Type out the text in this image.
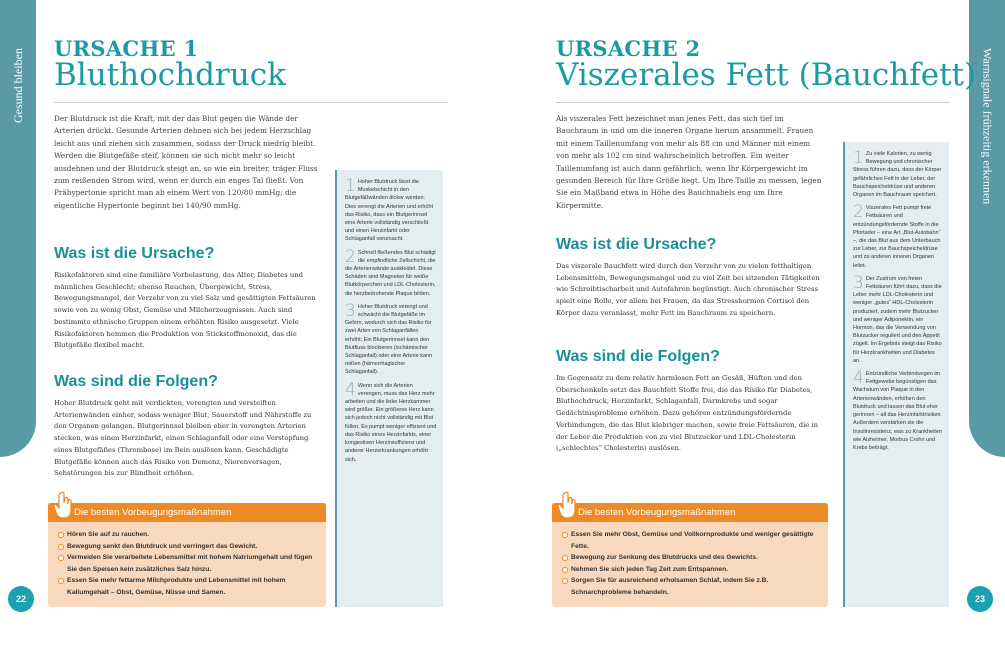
Gesund bleiben	Warnsignale frühzeitig erkennen
22	23
URSACHE 1
Bluthochdruck
Der Blutdruck ist die Kraft, mit der das Blut gegen die Wände der Arterien drückt. Gesunde Arterien dehnen sich bei jedem Herzschlag leicht aus und ziehen sich zusammen, sodass der Druck niedrig bleibt. Werden die Blutgefäße steif, können sie sich nicht mehr so leicht ausdehnen und der Blutdruck steigt an, so wie ein breiter, träger Fluss zum reißenden Strom wird, wenn er durch ein enges Tal fließt. Von Prähypertonie spricht man ab einem Wert von 120/80 mmHg; die eigentliche Hypertonie beginnt bei 140/90 mmHg.
Was ist die Ursache?
Risikofaktoren sind eine familiäre Vorbelastung, das Alter, Diabetes und männliches Geschlecht; ebenso Rauchen, Übergewicht, Stress, Bewegungsmangel, der Verzehr von zu viel Salz und gesättigten Fettsäuren sowie von zu wenig Obst, Gemüse und Milcherzeugnissen. Auch sind bestimmte ethnische Gruppen einem erhöhten Risiko ausgesetzt. Viele Risikofaktoren hemmen die Produktion von Stickstoffmonoxid, das die Blutgefäße flexibel macht.
Was sind die Folgen?
Hoher Blutdruck geht mit verdickten, verengten und versteiften Arterienwänden einher, sodass weniger Blut, Sauerstoff und Nährstoffe zu den Organen gelangen. Blutgerinnsel bleiben eher in verengten Arterien stecken, was einen Herzinfarkt, einen Schlaganfall oder eine Verstopfung eines Blutgefäßes (Thrombose) im Bein auslösen kann. Geschädigte Blutgefäße können auch das Risiko von Demenz, Nierenversagen, Sehstörungen bis zur Blindheit erhöhen.
1 Hoher Blutdruck lässt die Muskelschicht in den Blutgefäßwänden dicker werden. Dies verengt die Arterien und erhöht das Risiko, dass ein Blutgerinnsel eine Arterie vollständig verschließt und einen Herzinfarkt oder Schlaganfall verursacht.
2 Schnell fließendes Blut schädigt die empfindliche Zellschicht, die die Arterienwände auskleidet. Diese Schäden sind Magneten für weiße Blutkörperchen und LDL-Cholesterin, die herzbedrohende Plaque bilden.
3 Hoher Blutdruck verengt und schwächt die Blutgefäße im Gehirn, wodurch sich das Risiko für zwei Arten von Schlaganfällen erhöht: Ein Blutgerinnsel kann den Blutfluss blockieren (ischämischer Schlaganfall) oder eine Arterie kann reißen (hämorrhagischer Schlaganfall).
4 Wenn sich die Arterien verengen, muss das Herz mehr arbeiten und die linke Herzkammer wird größer. Ein größeres Herz kann sich jedoch nicht vollständig mit Blut füllen. Es pumpt weniger effizient und das Risiko eines Herzinfarkts, einer kongestiven Herzinsuffizienz und anderer Herzerkrankungen erhöht sich.
Die besten Vorbeugungsmaßnahmen
Hören Sie auf zu rauchen.
Bewegung senkt den Blutdruck und verringert das Gewicht.
Vermeiden Sie verarbeitete Lebensmittel mit hohem Natriumgehalt und fügen Sie den Speisen kein zusätzliches Salz hinzu.
Essen Sie mehr fettarme Milchprodukte und Lebensmittel mit hohem Kaliumgehalt – Obst, Gemüse, Nüsse und Samen.
URSACHE 2
Viszerales Fett (Bauchfett)
Als viszerales Fett bezeichnet man jenes Fett, das sich tief im Bauchraum in und um die inneren Organe herum ansammelt. Frauen mit einem Taillenumfang von mehr als 88 cm und Männer mit einem von mehr als 102 cm sind wahrscheinlich betroffen. Ein weiter Taillenumfang ist auch dann gefährlich, wenn Ihr Körpergewicht im gesunden Bereich für Ihre Größe liegt. Um Ihre Taille zu messen, legen Sie ein Maßband etwa in Höhe des Bauchnabels eng um Ihre Körpermitte.
Was ist die Ursache?
Das viszerale Bauchfett wird durch den Verzehr von zu vielen fetthaltigen Lebensmitteln, Bewegungsmangel und zu viel Zeit bei sitzenden Tätigkeiten wie Schreibtischarbeit und Autofahren begünstigt. Auch chronischer Stress spielt eine Rolle, vor allem bei Frauen, da das Stresshormon Cortisol den Körper dazu veranlasst, mehr Fett im Bauchraum zu speichern.
Was sind die Folgen?
Im Gegensatz zu dem relativ harmlosen Fett an Gesäß, Hüften und den Oberschenkeln setzt das Bauchfett Stoffe frei, die das Risiko für Diabetes, Bluthochdruck, Herzinfarkt, Schlaganfall, Darmkrebs und sogar Gedächtnisprobleme erhöhen. Dazu gehören entzündungsfördernde Verbindungen, die das Blut klebriger machen, sowie freie Fettsäuren, die in der Leber die Produktion von zu viel Blutzucker und LDL-Cholesterin („schlechtes“ Cholesterin) auslösen.
1 Zu viele Kalorien, zu wenig Bewegung und chronischer Stress führen dazu, dass der Körper gefährliches Fett in der Leber, der Bauchspeicheldrüse und anderen Organen im Bauchraum speichert.
2 Viszerales Fett pumpt freie Fettsäuren und entzündungsfördernde Stoffe in die Pfortader – eine Art „Blut-Autobahn“ –, die das Blut aus dem Unterbauch zur Leber, zur Bauchspeicheldrüse und zu anderen inneren Organen leitet.
3 Der Zustrom von freien Fettsäuren führt dazu, dass die Leber mehr LDL-Cholesterin und weniger „gutes“ HDL-Cholesterin produziert, zudem mehr Blutzucker und weniger Adiponektin, ein Hormon, das die Verwendung von Blutzucker reguliert und den Appetit zügelt. Im Ergebnis steigt das Risiko für Herzkrankheiten und Diabetes an.
4 Entzündliche Verbindungen im Fettgewebe begünstigen das Wachstum von Plaque in den Arterienwänden, erhöhen den Blutdruck und lassen das Blut eher gerinnen – all das Herzinfarktrisiken. Außerdem verstärken sie die Insulinresistenz, was zu Krankheiten wie Alzheimer, Morbus Crohn und Krebs beiträgt.
Die besten Vorbeugungsmaßnahmen
Essen Sie mehr Obst, Gemüse und Vollkornprodukte und weniger gesättigte Fette.
Bewegung zur Senkung des Blutdrucks und des Gewichts.
Nehmen Sie sich jeden Tag Zeit zum Entspannen.
Sorgen Sie für ausreichend erholsamen Schlaf, indem Sie z.B. Schnarchprobleme behandeln.
